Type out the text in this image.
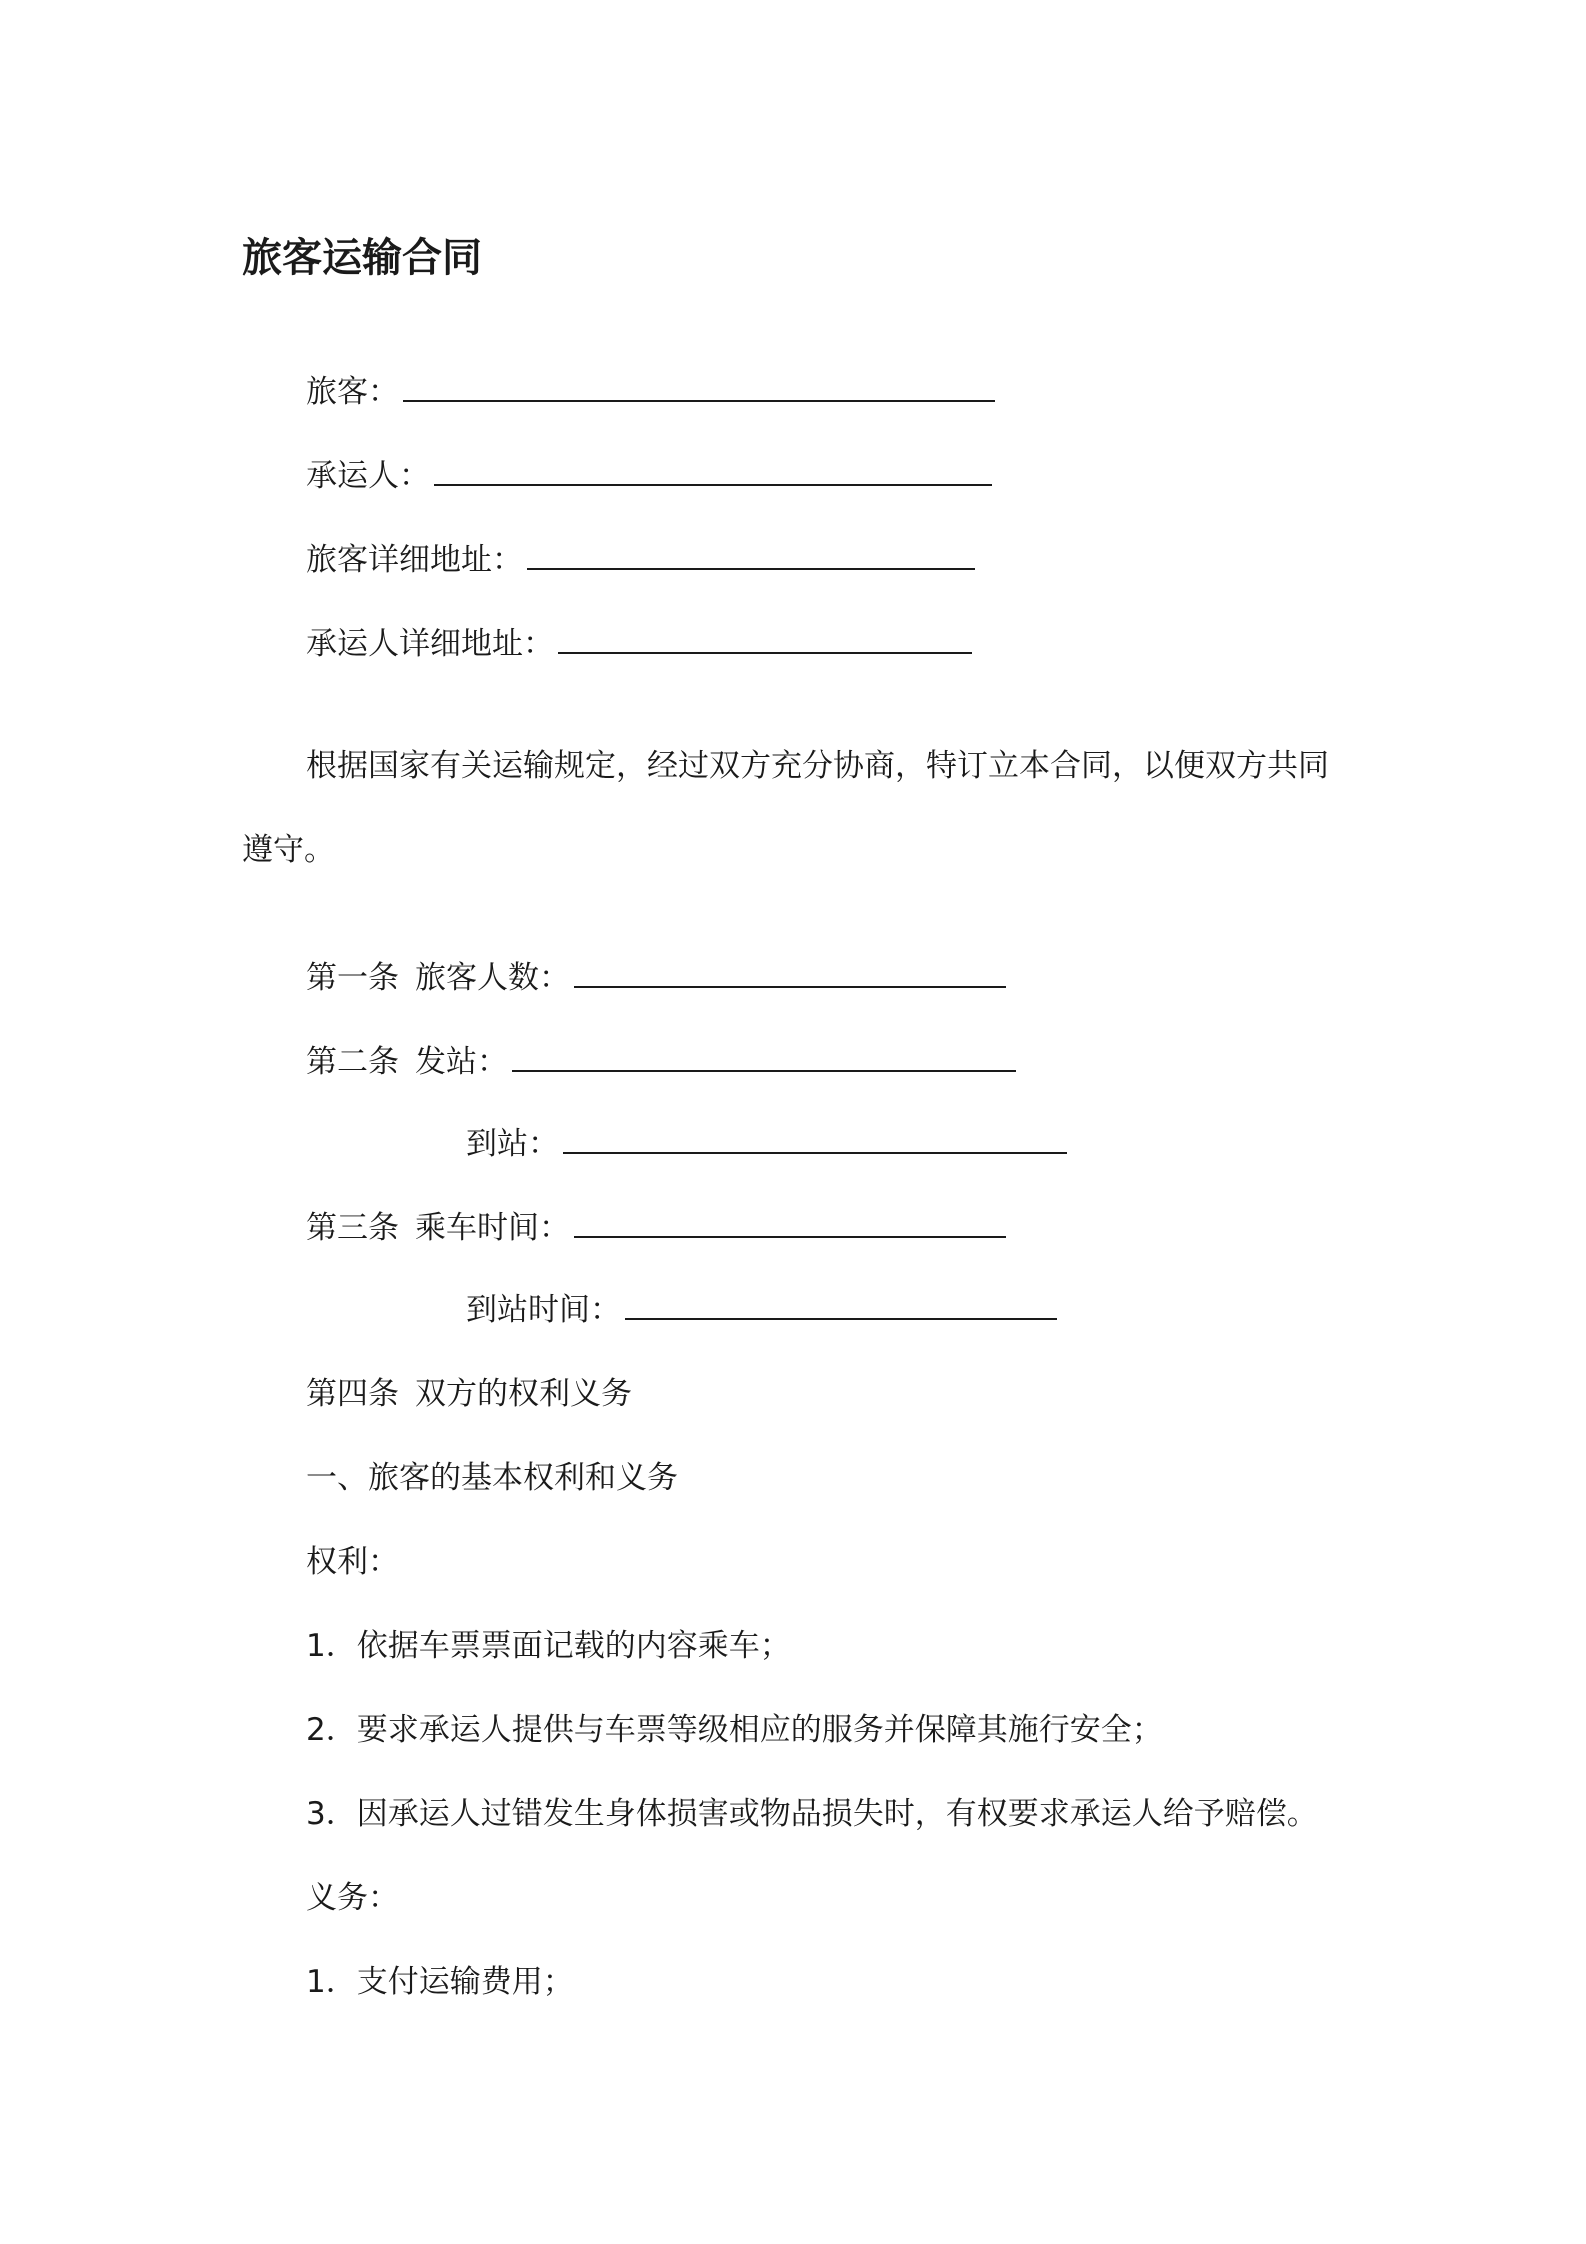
旅客运输合同
旅客：
承运人：
旅客详细地址：
承运人详细地址：
根据国家有关运输规定，经过双方充分协商，特订立本合同，以便双方共同
遵守。
第一条 旅客人数：
第二条 发站：
到站：
第三条 乘车时间：
到站时间：
第四条 双方的权利义务
一、旅客的基本权利和义务
权利：
1．依据车票票面记载的内容乘车；
2．要求承运人提供与车票等级相应的服务并保障其施行安全；
3．因承运人过错发生身体损害或物品损失时，有权要求承运人给予赔偿。
义务：
1．支付运输费用；
